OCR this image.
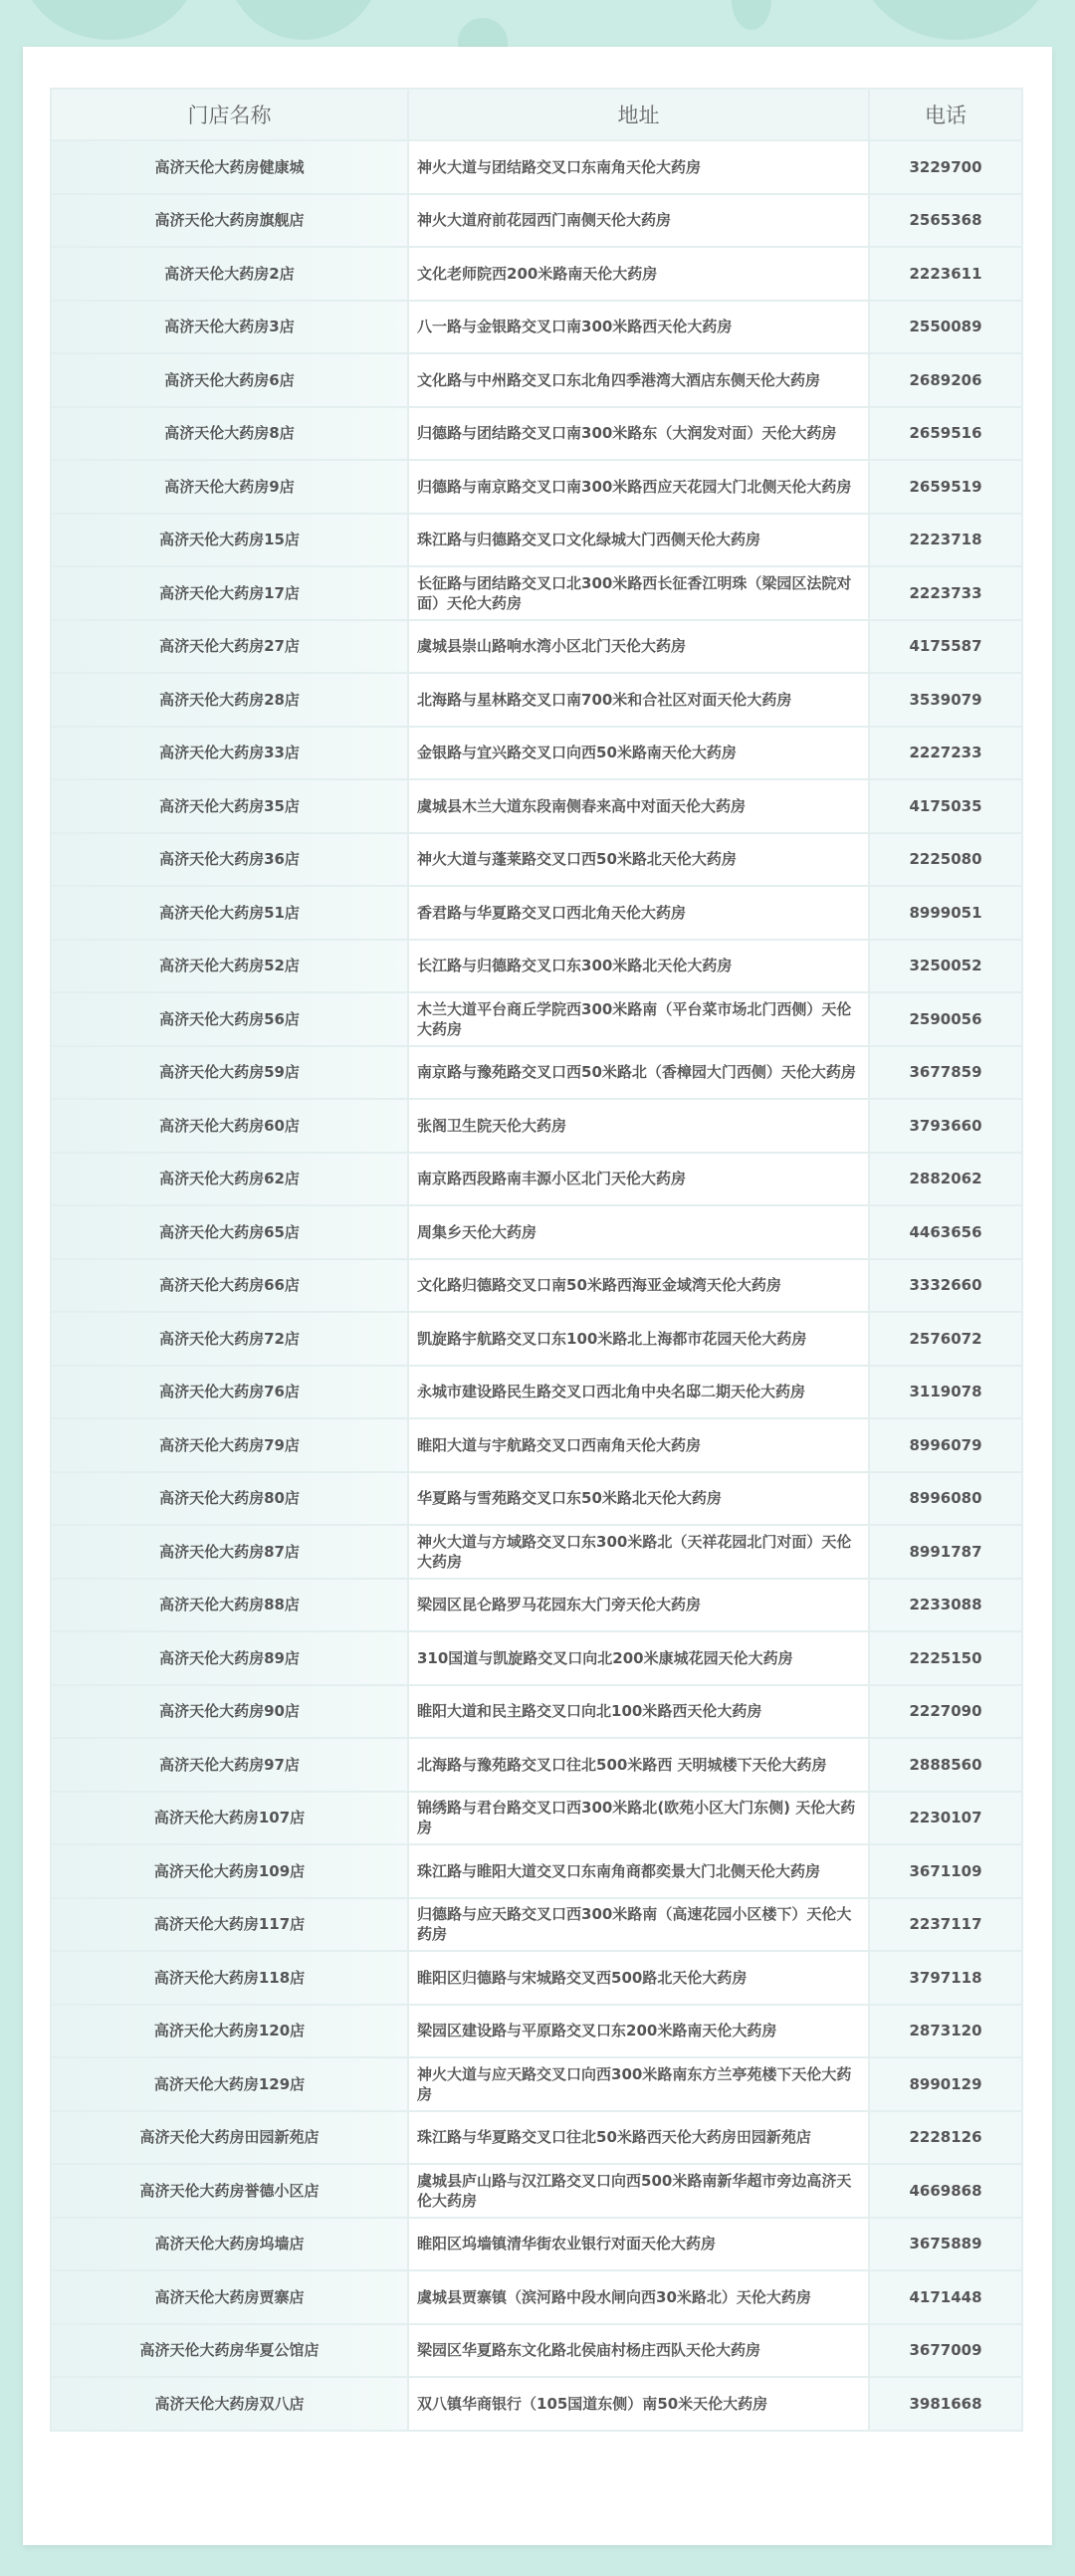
门店名称	地址	电话
高济天伦大药房健康城	神火大道与团结路交叉口东南角天伦大药房	3229700
高济天伦大药房旗舰店	神火大道府前花园西门南侧天伦大药房	2565368
高济天伦大药房2店	文化老师院西200米路南天伦大药房	2223611
高济天伦大药房3店	八一路与金银路交叉口南300米路西天伦大药房	2550089
高济天伦大药房6店	文化路与中州路交叉口东北角四季港湾大酒店东侧天伦大药房	2689206
高济天伦大药房8店	归德路与团结路交叉口南300米路东（大润发对面）天伦大药房	2659516
高济天伦大药房9店	归德路与南京路交叉口南300米路西应天花园大门北侧天伦大药房	2659519
高济天伦大药房15店	珠江路与归德路交叉口文化绿城大门西侧天伦大药房	2223718
高济天伦大药房17店	长征路与团结路交叉口北300米路西长征香江明珠（梁园区法院对面）天伦大药房	2223733
高济天伦大药房27店	虞城县崇山路响水湾小区北门天伦大药房	4175587
高济天伦大药房28店	北海路与星林路交叉口南700米和合社区对面天伦大药房	3539079
高济天伦大药房33店	金银路与宜兴路交叉口向西50米路南天伦大药房	2227233
高济天伦大药房35店	虞城县木兰大道东段南侧春来高中对面天伦大药房	4175035
高济天伦大药房36店	神火大道与蓬莱路交叉口西50米路北天伦大药房	2225080
高济天伦大药房51店	香君路与华夏路交叉口西北角天伦大药房	8999051
高济天伦大药房52店	长江路与归德路交叉口东300米路北天伦大药房	3250052
高济天伦大药房56店	木兰大道平台商丘学院西300米路南（平台菜市场北门西侧）天伦大药房	2590056
高济天伦大药房59店	南京路与豫苑路交叉口西50米路北（香樟园大门西侧）天伦大药房	3677859
高济天伦大药房60店	张阁卫生院天伦大药房	3793660
高济天伦大药房62店	南京路西段路南丰源小区北门天伦大药房	2882062
高济天伦大药房65店	周集乡天伦大药房	4463656
高济天伦大药房66店	文化路归德路交叉口南50米路西海亚金域湾天伦大药房	3332660
高济天伦大药房72店	凯旋路宇航路交叉口东100米路北上海都市花园天伦大药房	2576072
高济天伦大药房76店	永城市建设路民生路交叉口西北角中央名邸二期天伦大药房	3119078
高济天伦大药房79店	睢阳大道与宇航路交叉口西南角天伦大药房	8996079
高济天伦大药房80店	华夏路与雪苑路交叉口东50米路北天伦大药房	8996080
高济天伦大药房87店	神火大道与方域路交叉口东300米路北（天祥花园北门对面）天伦大药房	8991787
高济天伦大药房88店	梁园区昆仑路罗马花园东大门旁天伦大药房	2233088
高济天伦大药房89店	310国道与凯旋路交叉口向北200米康城花园天伦大药房	2225150
高济天伦大药房90店	睢阳大道和民主路交叉口向北100米路西天伦大药房	2227090
高济天伦大药房97店	北海路与豫苑路交叉口往北500米路西 天明城楼下天伦大药房	2888560
高济天伦大药房107店	锦绣路与君台路交叉口西300米路北(欧苑小区大门东侧) 天伦大药房	2230107
高济天伦大药房109店	珠江路与睢阳大道交叉口东南角商都奕景大门北侧天伦大药房	3671109
高济天伦大药房117店	归德路与应天路交叉口西300米路南（高速花园小区楼下）天伦大药房	2237117
高济天伦大药房118店	睢阳区归德路与宋城路交叉西500路北天伦大药房	3797118
高济天伦大药房120店	梁园区建设路与平原路交叉口东200米路南天伦大药房	2873120
高济天伦大药房129店	神火大道与应天路交叉口向西300米路南东方兰亭苑楼下天伦大药房	8990129
高济天伦大药房田园新苑店	珠江路与华夏路交叉口往北50米路西天伦大药房田园新苑店	2228126
高济天伦大药房誉德小区店	虞城县庐山路与汉江路交叉口向西500米路南新华超市旁边高济天伦大药房	4669868
高济天伦大药房坞墙店	睢阳区坞墙镇清华街农业银行对面天伦大药房	3675889
高济天伦大药房贾寨店	虞城县贾寨镇（滨河路中段水闸向西30米路北）天伦大药房	4171448
高济天伦大药房华夏公馆店	梁园区华夏路东文化路北侯庙村杨庄西队天伦大药房	3677009
高济天伦大药房双八店	双八镇华商银行（105国道东侧）南50米天伦大药房	3981668
